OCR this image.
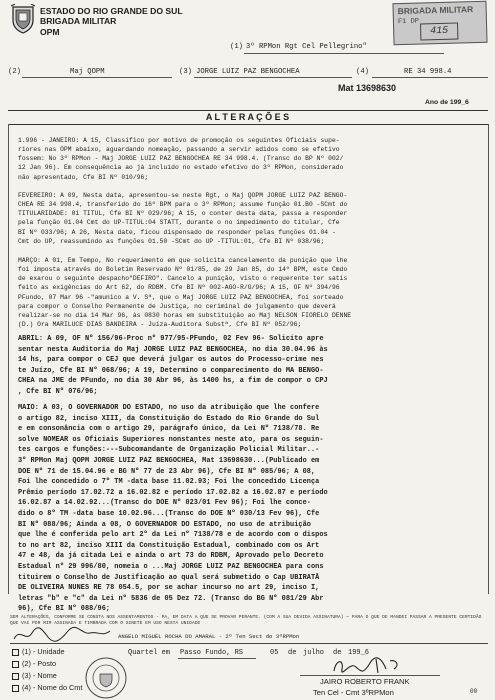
ESTADO DO RIO GRANDE DO SUL
BRIGADA MILITAR
OPM
BRIGADA MILITAR
F1 DP
415
(1) 3º RPMon Rgt Cel Pellegrino"
(2)	Maj QOPM	(3) JORGE LUIZ PAZ BENGOCHEA	(4)	RE 34 998.4
Mat 13698630
Ano de 199_6
A L T E R A Ç Õ E S
1.996 - JANEIRO: A 15, Classifico por motivo de promoção os seguintes Oficiais supe-
riores nas OPM abaixo, aguardando nomeação, passando a servir adidos como se efetivo
fossem: No 3º RPMon - Maj JORGE LUIZ PAZ BENGOCHEA RE 34 998.4. (Transc do BP Nº 002/
12 Jan 96). Em consequência ao já incluido no estado efetivo do 3º RPMon, considerado
não apresentado, Cfe BI Nº 010/96;
FEVEREIRO: A 09, Nesta data, apresentou-se neste Rgt, o Maj QOPM JORGE LUIZ PAZ BENGO-
CHEA RE 34 998.4, transferido do 16º BPM para o 3º RPMon; assume função 01.B0 -SCmt do
TITULARIDADE: 01 TITUL, Cfe BI Nº 029/96; A 15, o conter desta data, passa a responder
pela função 01.04 Cmt do UP-TITUL:04 STATT, durante o no impedimento do titular, Cfe
BI Nº 033/96; A 26, Nesta date, ficou dispensado de responder pelas funções 01.04 -
Cmt do UP, reassumindo as funções 01.50 -SCmt do UP -TITUL:01, Cfe BI Nº 038/96;
MARÇO: A 01, Em Tempo, No requerimento em que solicita cancelamento da punição que lhe
foi imposta através do Boletim Reservado Nº 01/85, de 29 Jan 85, do 14º BPM, este Cmdo
de exarou o seguinte despacho"DEFIRO". Cancelo a punição, visto o requerente ter satis
feito as exigências do Art 62, do RDBM. Cfe BI Nº 002-AGO-R/G/96; A 15, OF Nº 394/96
PFundo, 07 Mar 96 -"amunico a V. Sª, que o Maj JORGE LUIZ PAZ BENGOCHEA, foi sorteado
para compor o Conselho Permanente de Justiça, no ceriminal de julgamento que deverá
realizar-se no dia 14 Mar 96, às 0830 horas em substituição ao Maj NELSON FIORELO DENNE
(D.) Ora MARILUCE DIAS BANDEIRA - Juíza-Auditora Substª, Cfe BI Nº 052/96;
ABRIL: A 09, OF Nº 156/96-Proc nº 977/95-PFundo, 02 Fev 96- Solicito apre
sentar nesta Auditoria do Maj JORGE LUIZ PAZ BENGOCHEA, no dia 30.04.96 às
14 hs, para compor o CEJ que deverá julgar os autos do Processo-crime nes
te Juízo, Cfe BI Nº 068/96; A 19, Determino o comparecimento do MA BENGO-
CHEA na JME de PFundo, no dia 30 Abr 96, às 1400 hs, a fim de compor o CPJ
, Cfe BI Nº 076/96;
MAIO: A 03, O GOVERNADOR DO ESTADO, no uso da atribuição que lhe confere
o artigo 82, inciso XIII, da Constituição do Estado do Rio Grande do Sul
e em consonância com o artigo 29, parágrafo único, da Lei Nº 7138/78. Re
solve NOMEAR os Oficiais Superiores nonstantes neste ato, para os seguin-
tes cargos e funções:---Subcomandante de Organização Policial Militar..-
3º RPMon Maj QOPM JORGE LUIZ PAZ BENGOCHEA, Mat 13698630...(Publicado em
DOE Nº 71 de 15.04.96 e BG Nº 77 de 23 Abr 96), Cfe BI Nº 085/96; A 08,
Foi lhe concedido o 7º TM -data base 11.02.93; Foi lhe concedido Licença
Prêmio período 17.02.72 a 16.02.82 e período 17.02.82 a 16.02.87 e período
16.02.87 a 14.02.92...(Transc do DOE Nº 023/01 Fev 96); Foi lhe conce-
dido o 8º TM -data base 10.02.96...(Transc do DOE Nº 030/13 Fev 96), Cfe
BI Nº 088/96; Ainda a 08, O GOVERNADOR DO ESTADO, no uso de atribuição
que lhe é conferida pelo art 2º da Lei nº 7138/78 e de acordo com o dispos
to no art 82, inciso XIII da Constituição Estadual, combinado com os Art
47 e 48, da já citada Lei e ainda o art 73 do RDBM, Aprovado pelo Decreto
Estadual nº 29 996/80, nomeia o ...Maj JORGE LUIZ PAZ BENGOCHEA para cons
tituirem o Conselho de Justificação ao qual será submetido o Cap UBIRATÃ
DE OLIVEIRA NUNES RE 78 054.5, por se achar incurso no art 29, inciso I,
letras "b" e "c" da Lei nº 5836 de 05 Dez 72. (Transc do BG Nº 081/29 Abr
96), Cfe BI Nº 088/96;
SEM ALTERAÇÕES, CONFORME SE CONSTA NOS ASSENTAMENTOS - PA, EM DATA A QUE SE PROVAR PERANTE. (COM A SUA DEVIDA ASSINATURA) — PARA O QUE DE MANDEI PASSAR A PRESENTE CERTIDÃO QUE VAI POR MIM ASSINADA E TIMBRADA COM O SINETE EM USO NESTA UNIDADE
ANGELO MIGUEL ROCHA DO AMARAL - 2º Ten Sect do 3ºRPMon
(1) - Unidade
(2) - Posto
(3) - Nome
(4) - Nome do Cmt
Quartel em Passo Fundo, RS	05 de julho de 199_6
JAIRO ROBERTO FRANK
Ten Cel - Cmt 3ºRPMon	00
